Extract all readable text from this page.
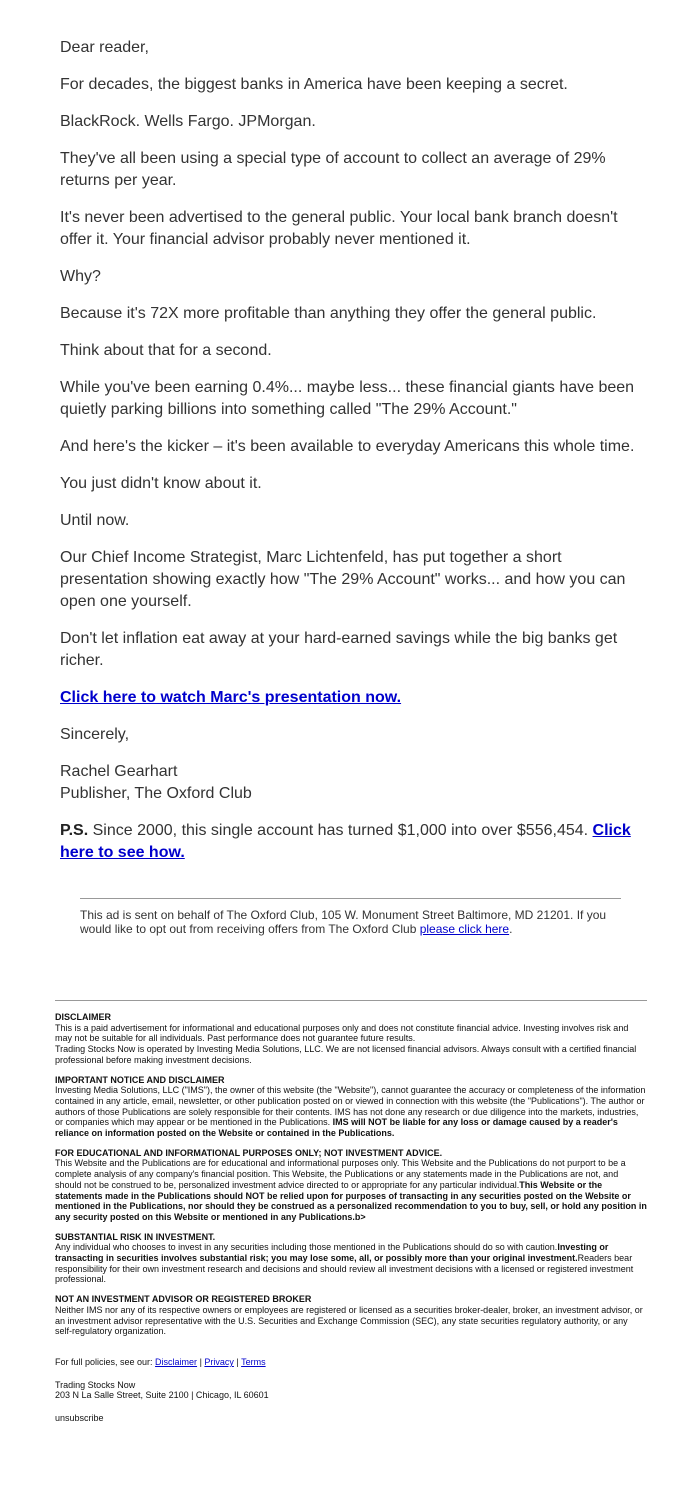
Dear reader,

For decades, the biggest banks in America have been keeping a secret.

BlackRock. Wells Fargo. JPMorgan.

They've all been using a special type of account to collect an average of 29% returns per year.

It's never been advertised to the general public. Your local bank branch doesn't offer it. Your financial advisor probably never mentioned it.

Why?

Because it's 72X more profitable than anything they offer the general public.

Think about that for a second.

While you've been earning 0.4%... maybe less... these financial giants have been quietly parking billions into something called "The 29% Account."

And here's the kicker – it's been available to everyday Americans this whole time.

You just didn't know about it.

Until now.

Our Chief Income Strategist, Marc Lichtenfeld, has put together a short presentation showing exactly how "The 29% Account" works... and how you can open one yourself.

Don't let inflation eat away at your hard-earned savings while the big banks get richer.

Click here to watch Marc's presentation now.

Sincerely,

Rachel Gearhart

Publisher, The Oxford Club

P.S. Since 2000, this single account has turned $1,000 into over $556,454. Click here to see how.

This ad is sent on behalf of The Oxford Club, 105 W. Monument Street Baltimore, MD 21201. If you would like to opt out from receiving offers from The Oxford Club please click here.
DISCLAIMER

This is a paid advertisement for informational and educational purposes only and does not constitute financial advice. Investing involves risk and may not be suitable for all individuals. Past performance does not guarantee future results.

Trading Stocks Now is operated by Investing Media Solutions, LLC. We are not licensed financial advisors. Always consult with a certified financial professional before making investment decisions.

IMPORTANT NOTICE AND DISCLAIMER

Investing Media Solutions, LLC ("IMS"), the owner of this website (the "Website"), cannot guarantee the accuracy or completeness of the information contained in any article, email, newsletter, or other publication posted on or viewed in connection with this website (the "Publications"). The author or authors of those Publications are solely responsible for their contents. IMS has not done any research or due diligence into the markets, industries, or companies which may appear or be mentioned in the Publications. IMS will NOT be liable for any loss or damage caused by a reader's reliance on information posted on the Website or contained in the Publications.

FOR EDUCATIONAL AND INFORMATIONAL PURPOSES ONLY; NOT INVESTMENT ADVICE.

This Website and the Publications are for educational and informational purposes only. This Website and the Publications do not purport to be a complete analysis of any company's financial position. This Website, the Publications or any statements made in the Publications are not, and should not be construed to be, personalized investment advice directed to or appropriate for any particular individual.This Website or the statements made in the Publications should NOT be relied upon for purposes of transacting in any securities posted on the Website or mentioned in the Publications, nor should they be construed as a personalized recommendation to you to buy, sell, or hold any position in any security posted on this Website or mentioned in any Publications.b>

SUBSTANTIAL RISK IN INVESTMENT.

Any individual who chooses to invest in any securities including those mentioned in the Publications should do so with caution.Investing or transacting in securities involves substantial risk; you may lose some, all, or possibly more than your original investment.Readers bear responsibility for their own investment research and decisions and should review all investment decisions with a licensed or registered investment professional.

NOT AN INVESTMENT ADVISOR OR REGISTERED BROKER

Neither IMS nor any of its respective owners or employees are registered or licensed as a securities broker-dealer, broker, an investment advisor, or an investment advisor representative with the U.S. Securities and Exchange Commission (SEC), any state securities regulatory authority, or any self-regulatory organization.

For full policies, see our: Disclaimer | Privacy | Terms

Trading Stocks Now

203 N La Salle Street, Suite 2100 | Chicago, IL 60601

unsubscribe
